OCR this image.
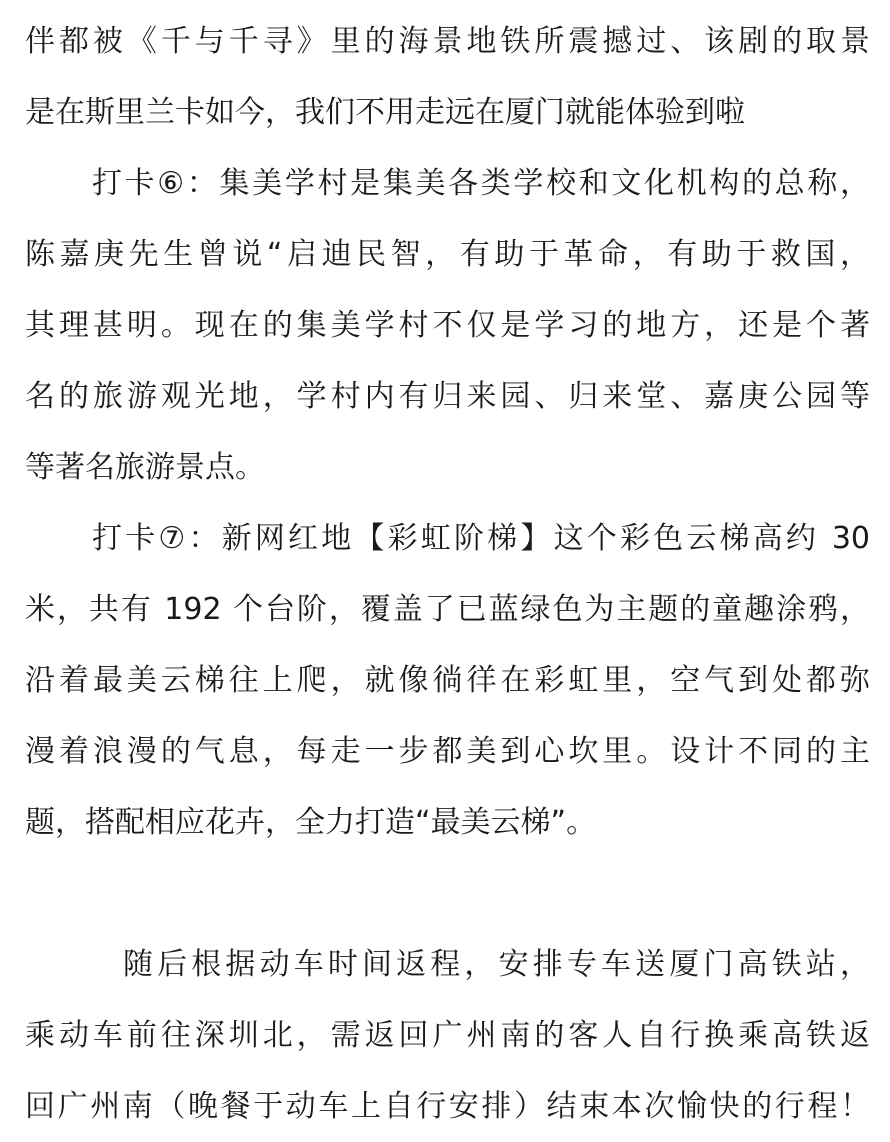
伴都被《千与千寻》里的海景地铁所震撼过、该剧的取景
是在斯里兰卡如今，我们不用走远在厦门就能体验到啦
打卡⑥：集美学村是集美各类学校和文化机构的总称，
陈嘉庚先生曾说“启迪民智，有助于革命，有助于救国，
其理甚明。现在的集美学村不仅是学习的地方，还是个著
名的旅游观光地，学村内有归来园、归来堂、嘉庚公园等
等著名旅游景点。
打卡⑦：新网红地【彩虹阶梯】这个彩色云梯高约 30
米，共有 192 个台阶，覆盖了已蓝绿色为主题的童趣涂鸦，
沿着最美云梯往上爬，就像徜徉在彩虹里，空气到处都弥
漫着浪漫的气息，每走一步都美到心坎里。设计不同的主
题，搭配相应花卉，全力打造“最美云梯”。
随后根据动车时间返程，安排专车送厦门高铁站，
乘动车前往深圳北，需返回广州南的客人自行换乘高铁返
回广州南（晚餐于动车上自行安排）结束本次愉快的行程！
